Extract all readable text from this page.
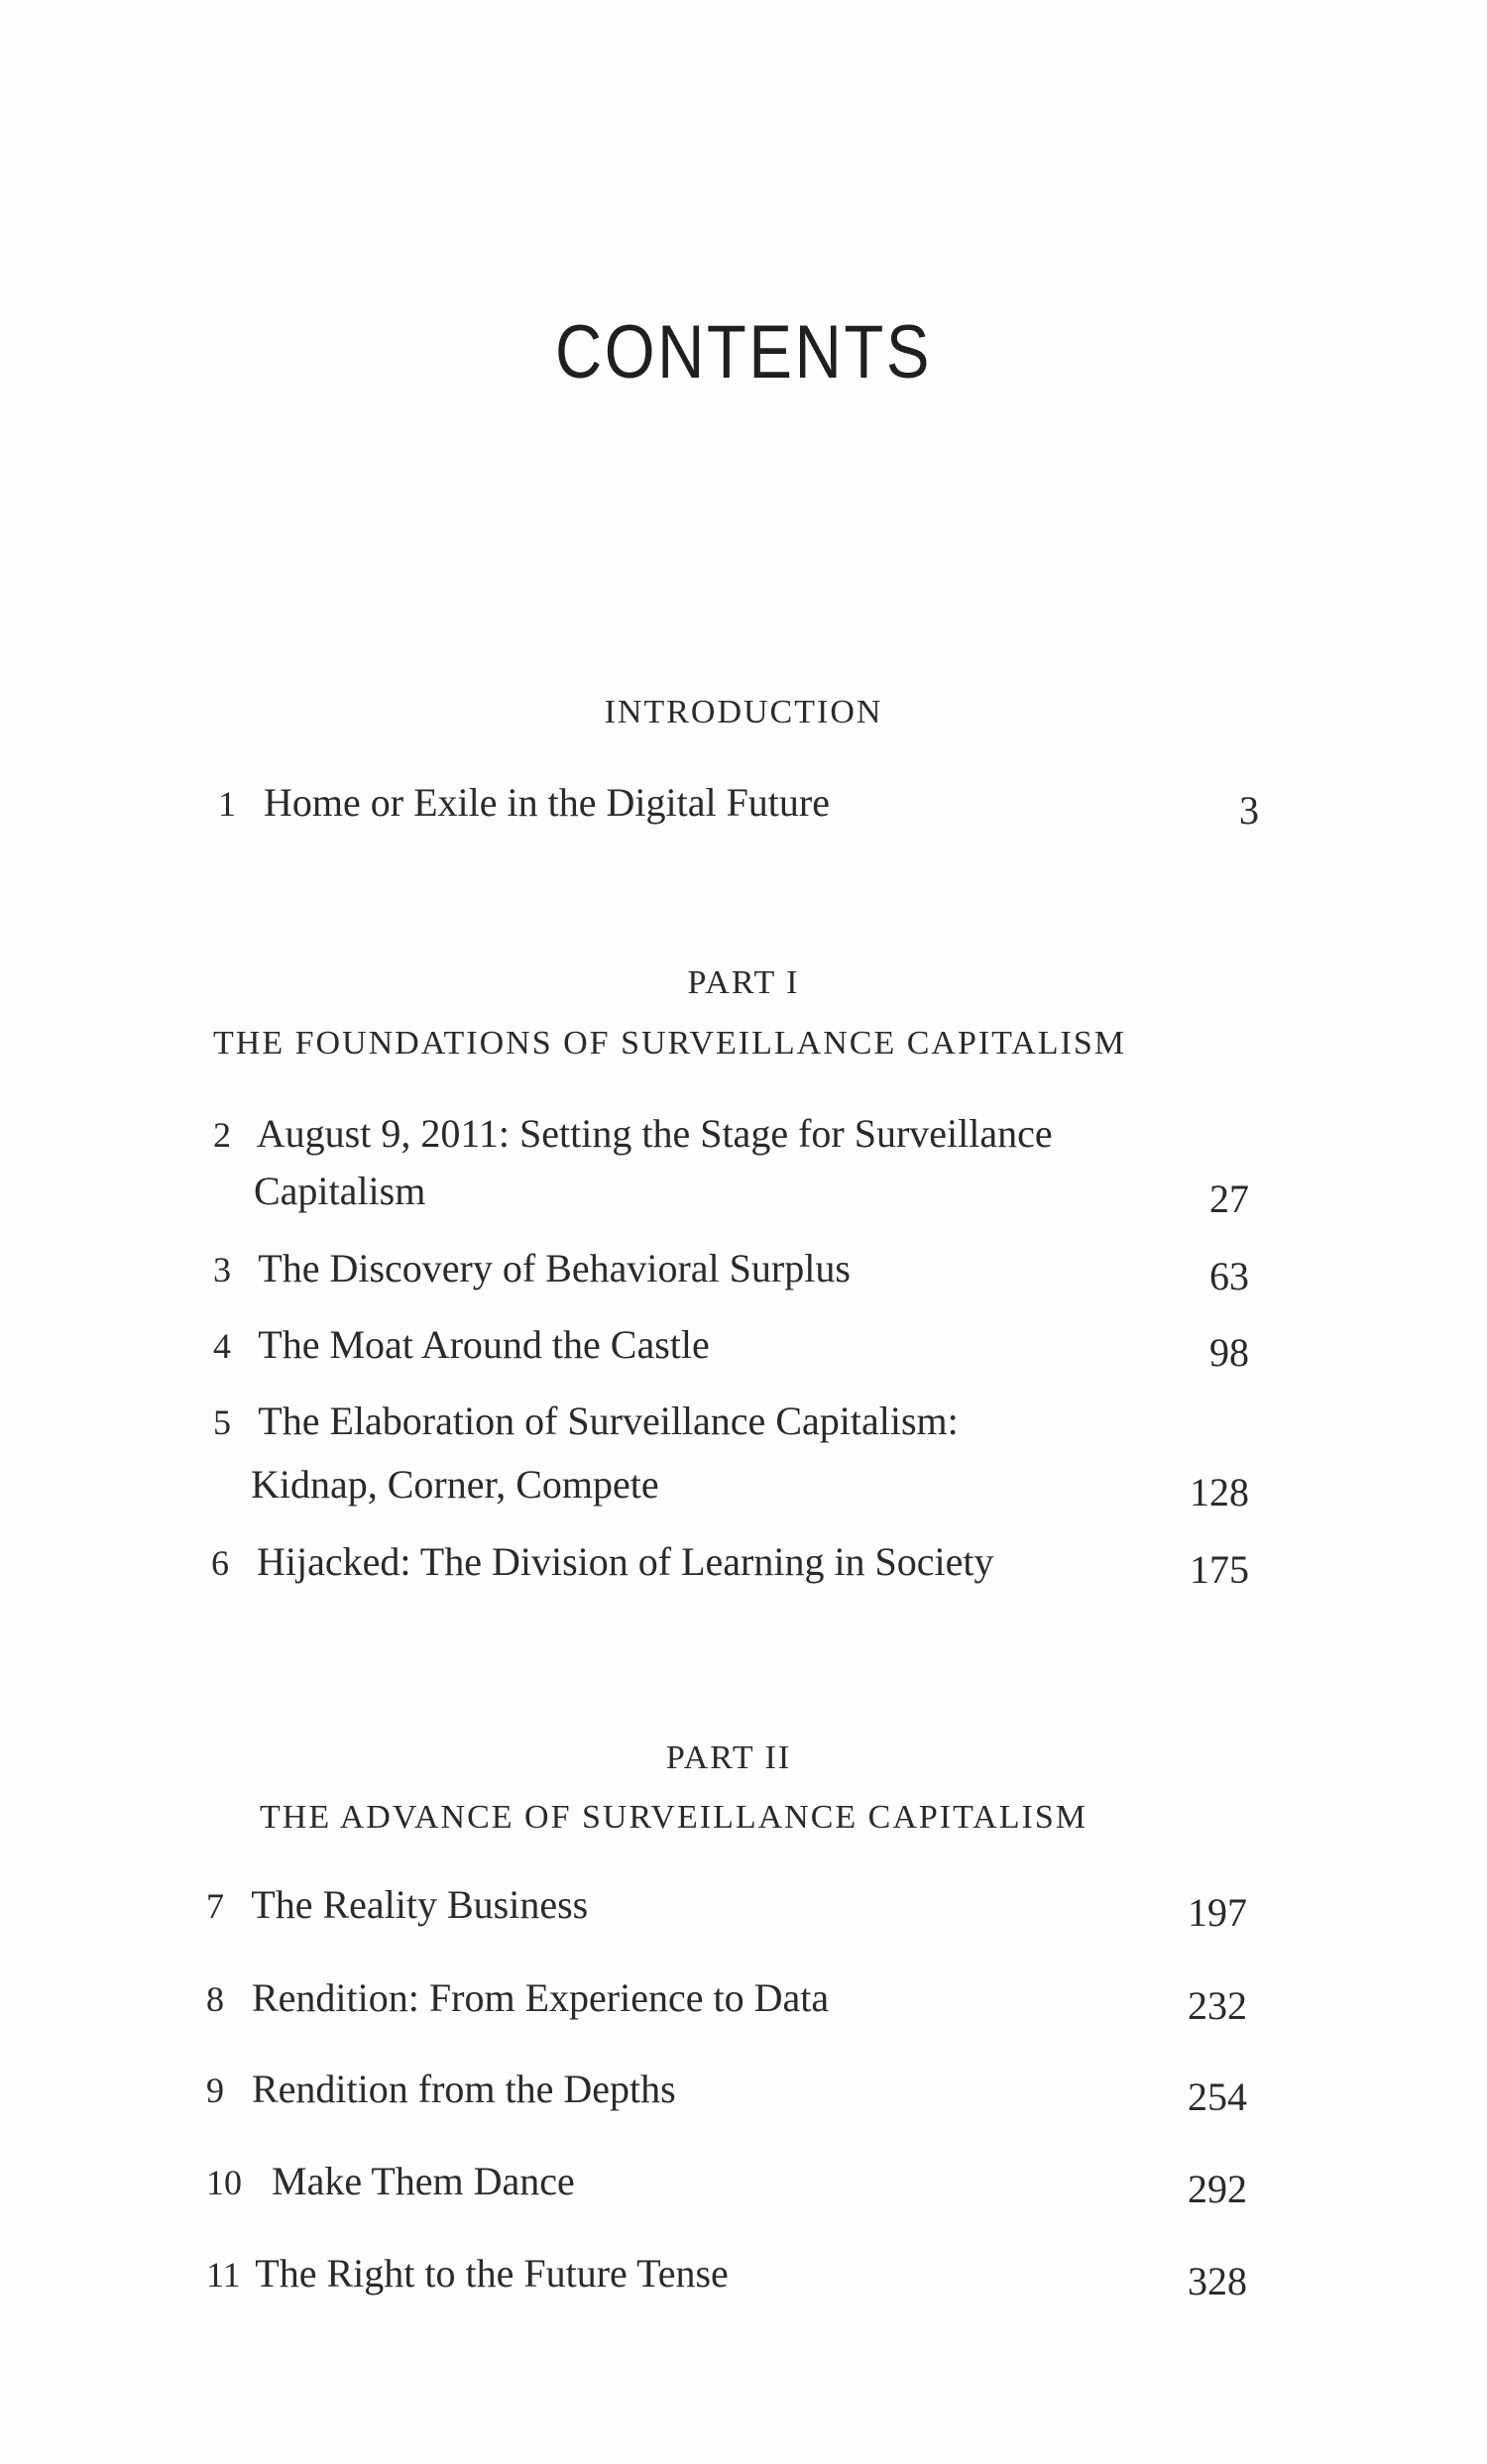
CONTENTS
INTRODUCTION
1 Home or Exile in the Digital Future	3
PART I
THE FOUNDATIONS OF SURVEILLANCE CAPITALISM
2 August 9, 2011: Setting the Stage for Surveillance
Capitalism	27
3 The Discovery of Behavioral Surplus	63
4 The Moat Around the Castle	98
5 The Elaboration of Surveillance Capitalism:
Kidnap, Corner, Compete	128
6 Hijacked: The Division of Learning in Society	175
PART II
THE ADVANCE OF SURVEILLANCE CAPITALISM
7 The Reality Business	197
8 Rendition: From Experience to Data	232
9 Rendition from the Depths	254
10 Make Them Dance	292
11 The Right to the Future Tense	328
